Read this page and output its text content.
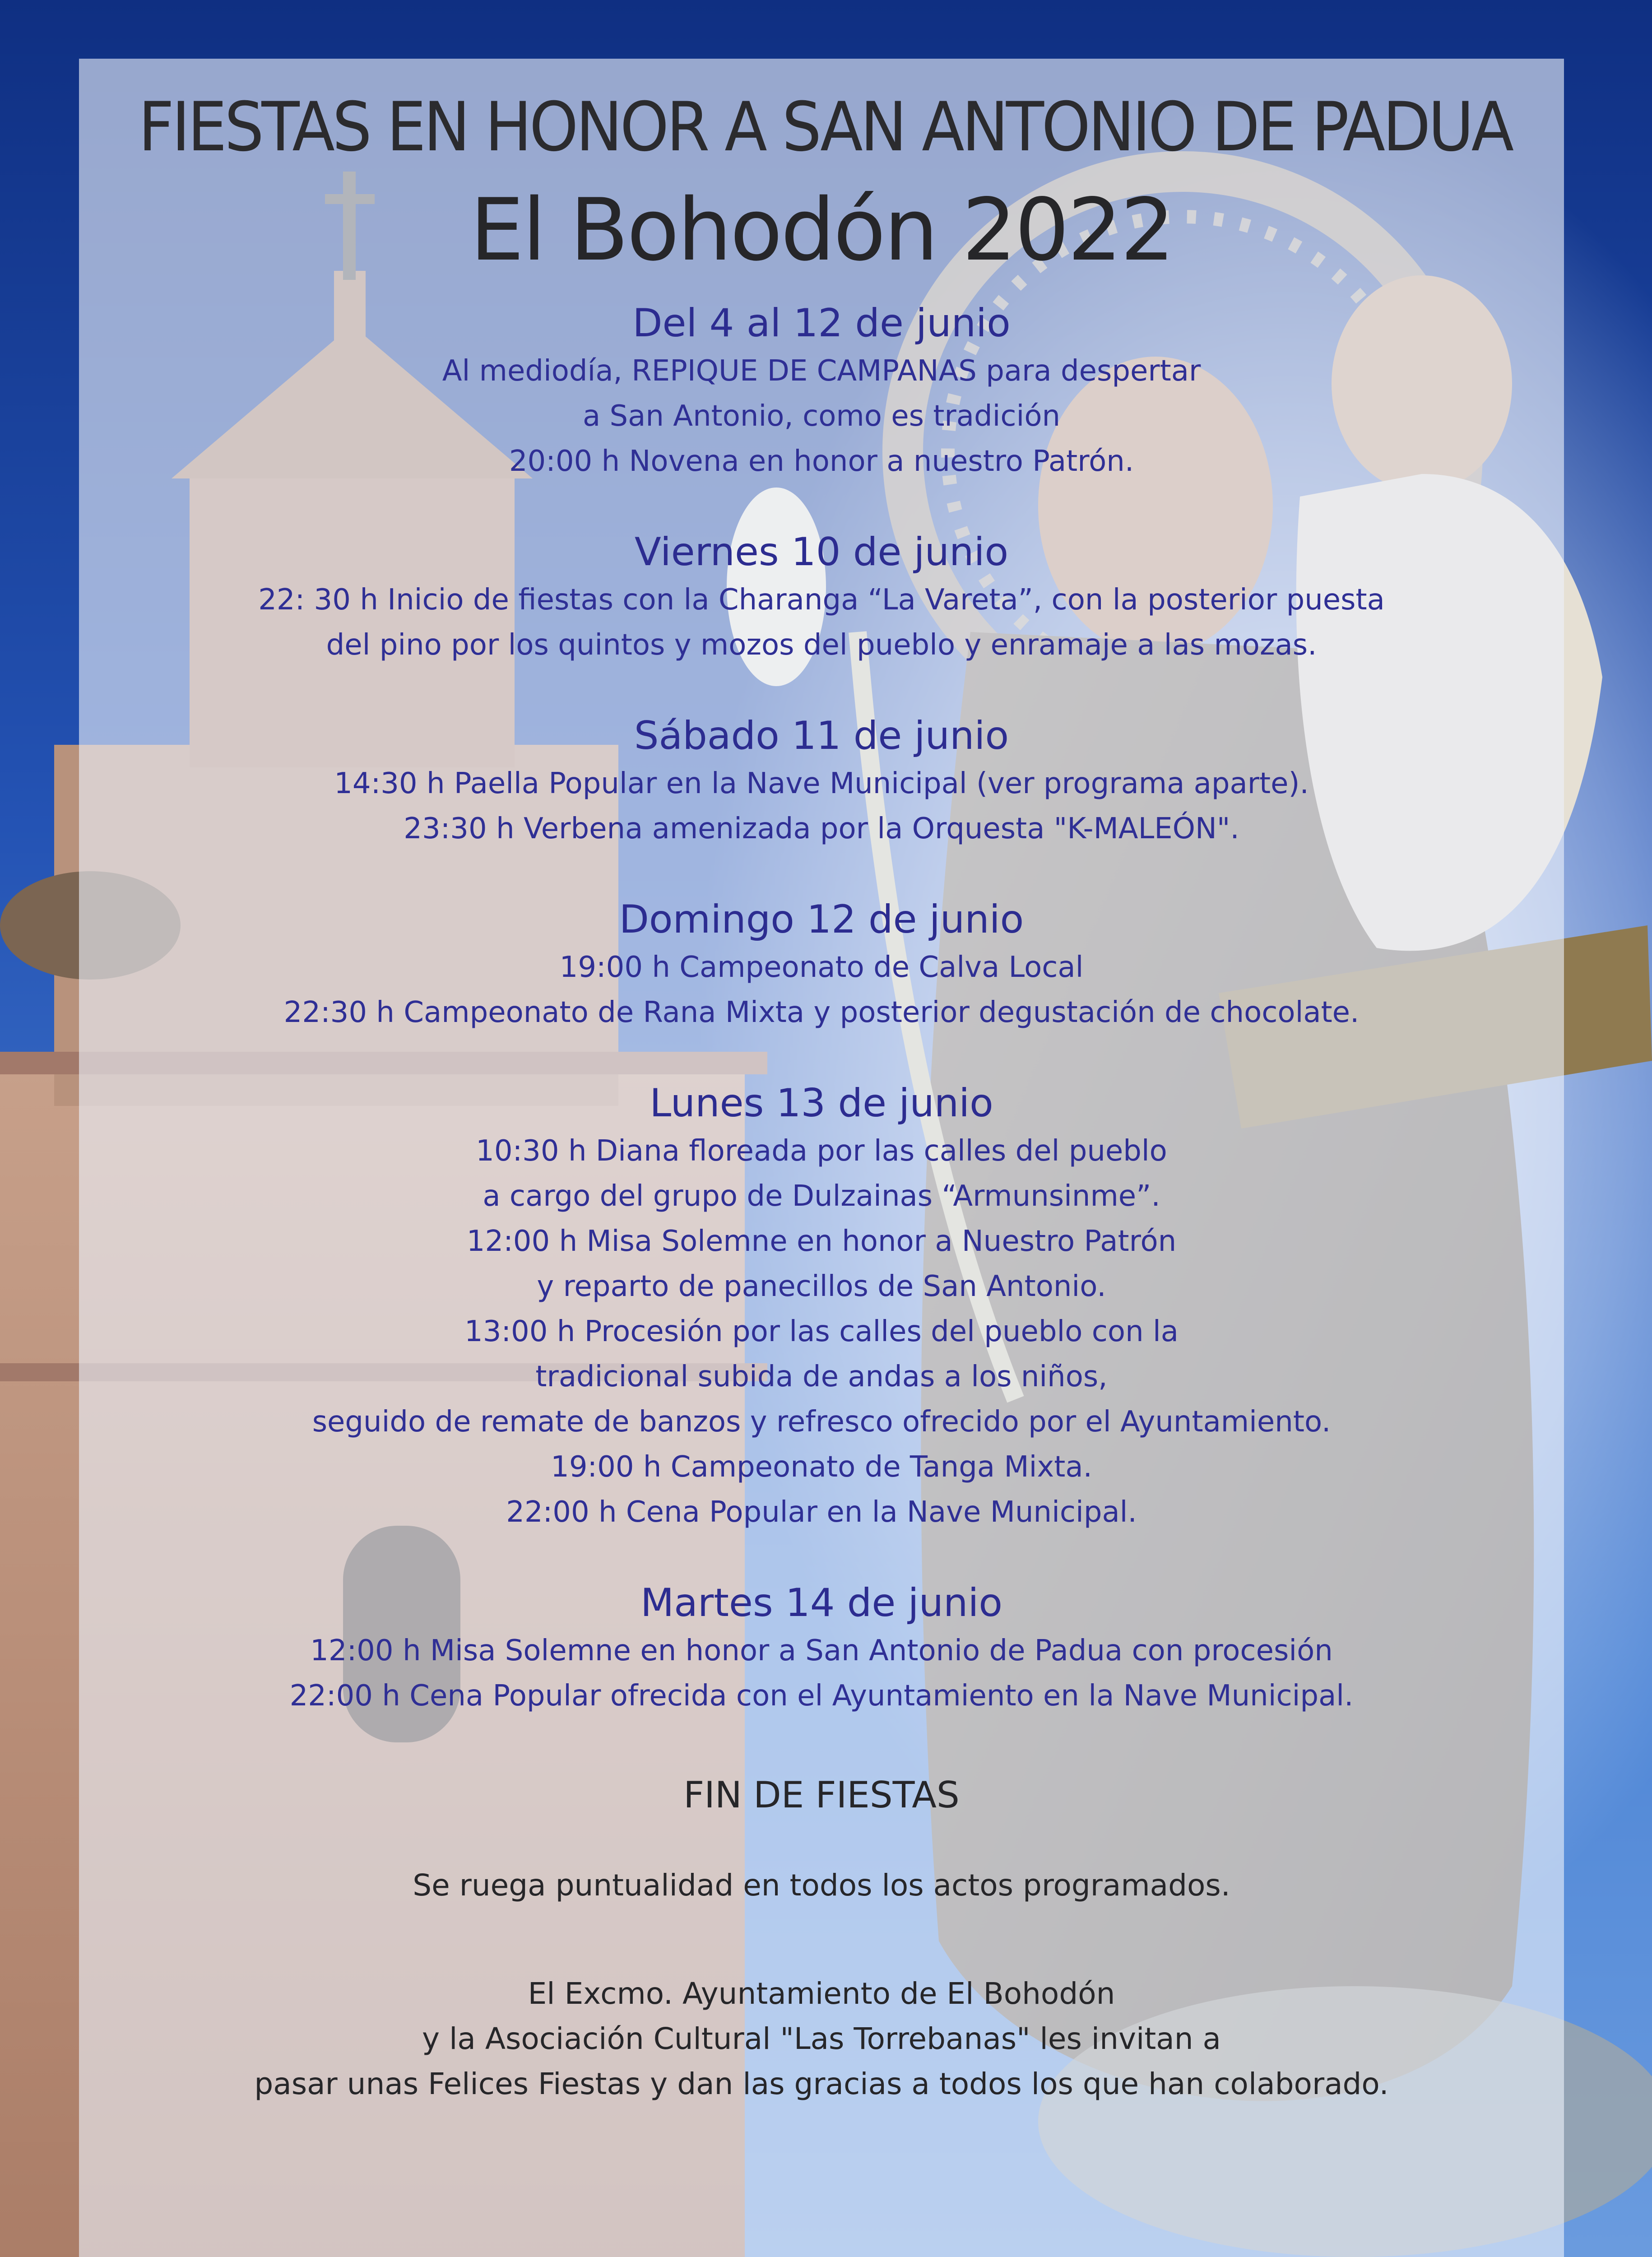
FIESTAS EN HONOR A SAN ANTONIO DE PADUA
El Bohodón 2022
Del 4 al 12 de junio
Al mediodía, REPIQUE DE CAMPANAS para despertar
a San Antonio, como es tradición
20:00 h Novena en honor a nuestro Patrón.
Viernes 10 de junio
22: 30 h Inicio de fiestas con la Charanga “La Vareta”, con la posterior puesta
del pino por los quintos y mozos del pueblo y enramaje a las mozas.
Sábado 11 de junio
14:30 h Paella Popular en la Nave Municipal (ver programa aparte).
23:30 h Verbena amenizada por la Orquesta "K-MALEÓN".
Domingo 12 de junio
19:00 h Campeonato de Calva Local
22:30 h Campeonato de Rana Mixta y posterior degustación de chocolate.
Lunes 13 de junio
10:30 h Diana floreada por las calles del pueblo
a cargo del grupo de Dulzainas “Armunsinme”.
12:00 h Misa Solemne en honor a Nuestro Patrón
y reparto de panecillos de San Antonio.
13:00 h Procesión por las calles del pueblo con la
tradicional subida de andas a los niños,
seguido de remate de banzos y refresco ofrecido por el Ayuntamiento.
19:00 h Campeonato de Tanga Mixta.
22:00 h Cena Popular en la Nave Municipal.
Martes 14 de junio
12:00 h Misa Solemne en honor a San Antonio de Padua con procesión
22:00 h Cena Popular ofrecida con el Ayuntamiento en la Nave Municipal.
FIN DE FIESTAS
Se ruega puntualidad en todos los actos programados.
El Excmo. Ayuntamiento de El Bohodón
y la Asociación Cultural "Las Torrebanas" les invitan a
pasar unas Felices Fiestas y dan las gracias a todos los que han colaborado.
